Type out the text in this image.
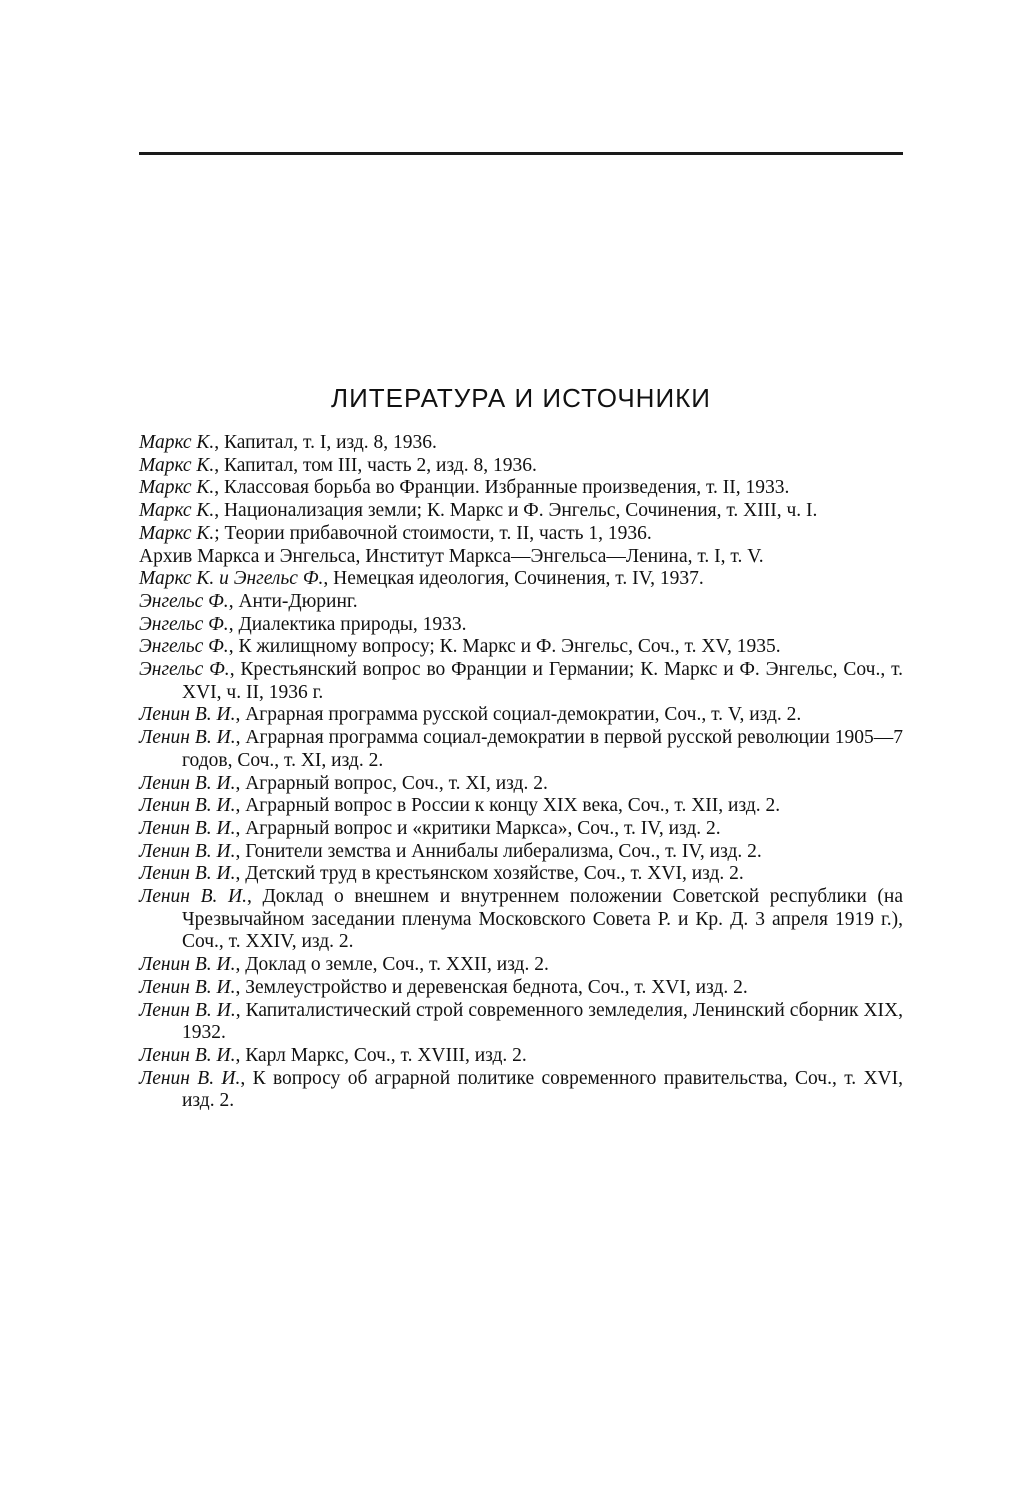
ЛИТЕРАТУРА И ИСТОЧНИКИ
Маркс К., Капитал, т. I, изд. 8, 1936.
Маркс К., Капитал, том III, часть 2, изд. 8, 1936.
Маркс К., Классовая борьба во Франции. Избранные произведения, т. II, 1933.
Маркс К., Национализация земли; К. Маркс и Ф. Энгельс, Сочинения, т. XIII, ч. I.
Маркс К.; Теории прибавочной стоимости, т. II, часть 1, 1936.
Архив Маркса и Энгельса, Институт Маркса—Энгельса—Ленина, т. I, т. V.
Маркс К. и Энгельс Ф., Немецкая идеология, Сочинения, т. IV, 1937.
Энгельс Ф., Анти-Дюринг.
Энгельс Ф., Диалектика природы, 1933.
Энгельс Ф., К жилищному вопросу; К. Маркс и Ф. Энгельс, Соч., т. XV, 1935.
Энгельс Ф., Крестьянский вопрос во Франции и Германии; К. Маркс и Ф. Энгельс, Соч., т. XVI, ч. II, 1936 г.
Ленин В. И., Аграрная программа русской социал-демократии, Соч., т. V, изд. 2.
Ленин В. И., Аграрная программа социал-демократии в первой русской революции 1905—7 годов, Соч., т. XI, изд. 2.
Ленин В. И., Аграрный вопрос, Соч., т. XI, изд. 2.
Ленин В. И., Аграрный вопрос в России к концу XIX века, Соч., т. XII, изд. 2.
Ленин В. И., Аграрный вопрос и «критики Маркса», Соч., т. IV, изд. 2.
Ленин В. И., Гонители земства и Аннибалы либерализма, Соч., т. IV, изд. 2.
Ленин В. И., Детский труд в крестьянском хозяйстве, Соч., т. XVI, изд. 2.
Ленин В. И., Доклад о внешнем и внутреннем положении Советской республики (на Чрезвычайном заседании пленума Московского Совета Р. и Кр. Д. 3 апреля 1919 г.), Соч., т. XXIV, изд. 2.
Ленин В. И., Доклад о земле, Соч., т. XXII, изд. 2.
Ленин В. И., Землеустройство и деревенская беднота, Соч., т. XVI, изд. 2.
Ленин В. И., Капиталистический строй современного земледелия, Ленинский сборник XIX, 1932.
Ленин В. И., Карл Маркс, Соч., т. XVIII, изд. 2.
Ленин В. И., К вопросу об аграрной политике современного правительства, Соч., т. XVI, изд. 2.
